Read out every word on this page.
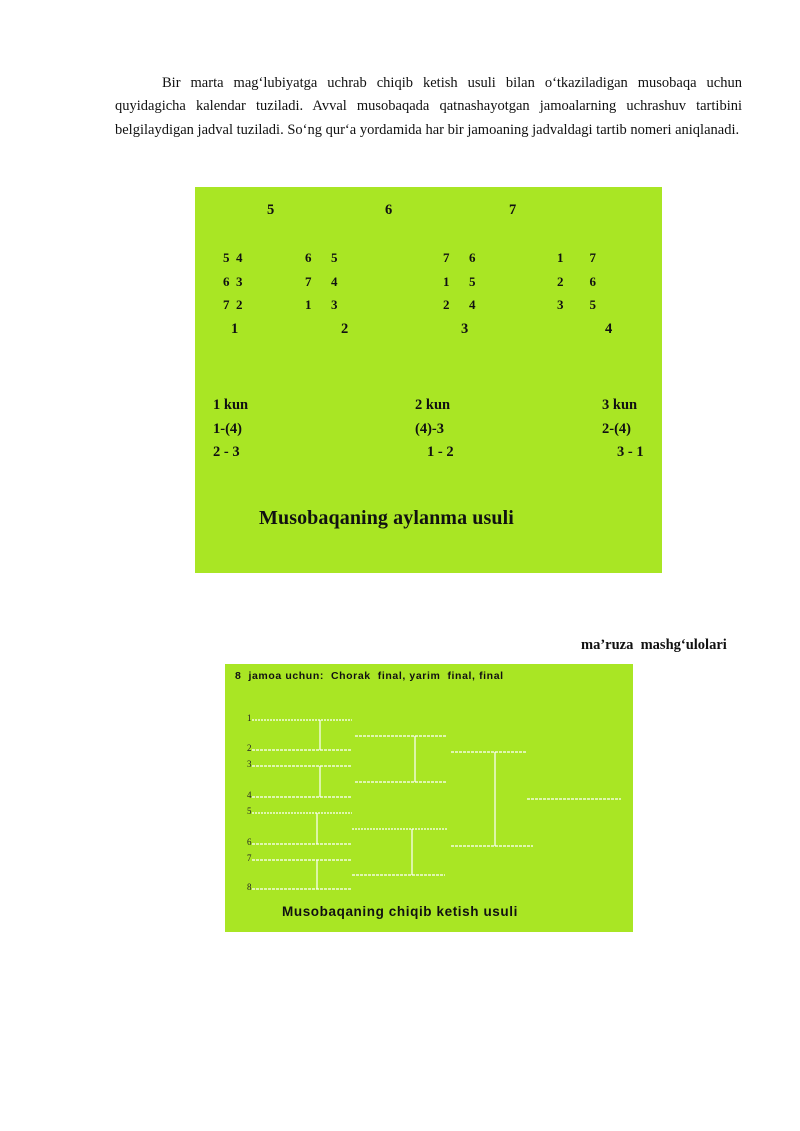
Bir marta mag‘lubiyatga uchrab chiqib ketish usuli bilan o‘tkaziladigan musobaqa uchun quyidagicha kalendar tuziladi. Avval musobaqada qatnashayotgan jamoalarning uchrashuv tartibini belgilaydigan jadval tuziladi. So‘ng qur‘a yordamida har bir jamoaning jadvaldagi tartib nomeri aniqlanadi.

5	6	7
5  4
6  3
7  2
1
6      5
7      4
1      3
2
7      6
1      5
2      4
3
1        7
2        6
3        5
4
1 kun
1-(4)
2 - 3
2 kun
(4)-3
1 - 2
3 kun
2-(4)
3 - 1
Musobaqaning aylanma usuli
ma’ruza  mashg‘ulolari
8  jamoa uchun:  Chorak  final, yarim  final, final
1
2
3
4
5
6
7
8
Musobaqaning chiqib ketish usuli
